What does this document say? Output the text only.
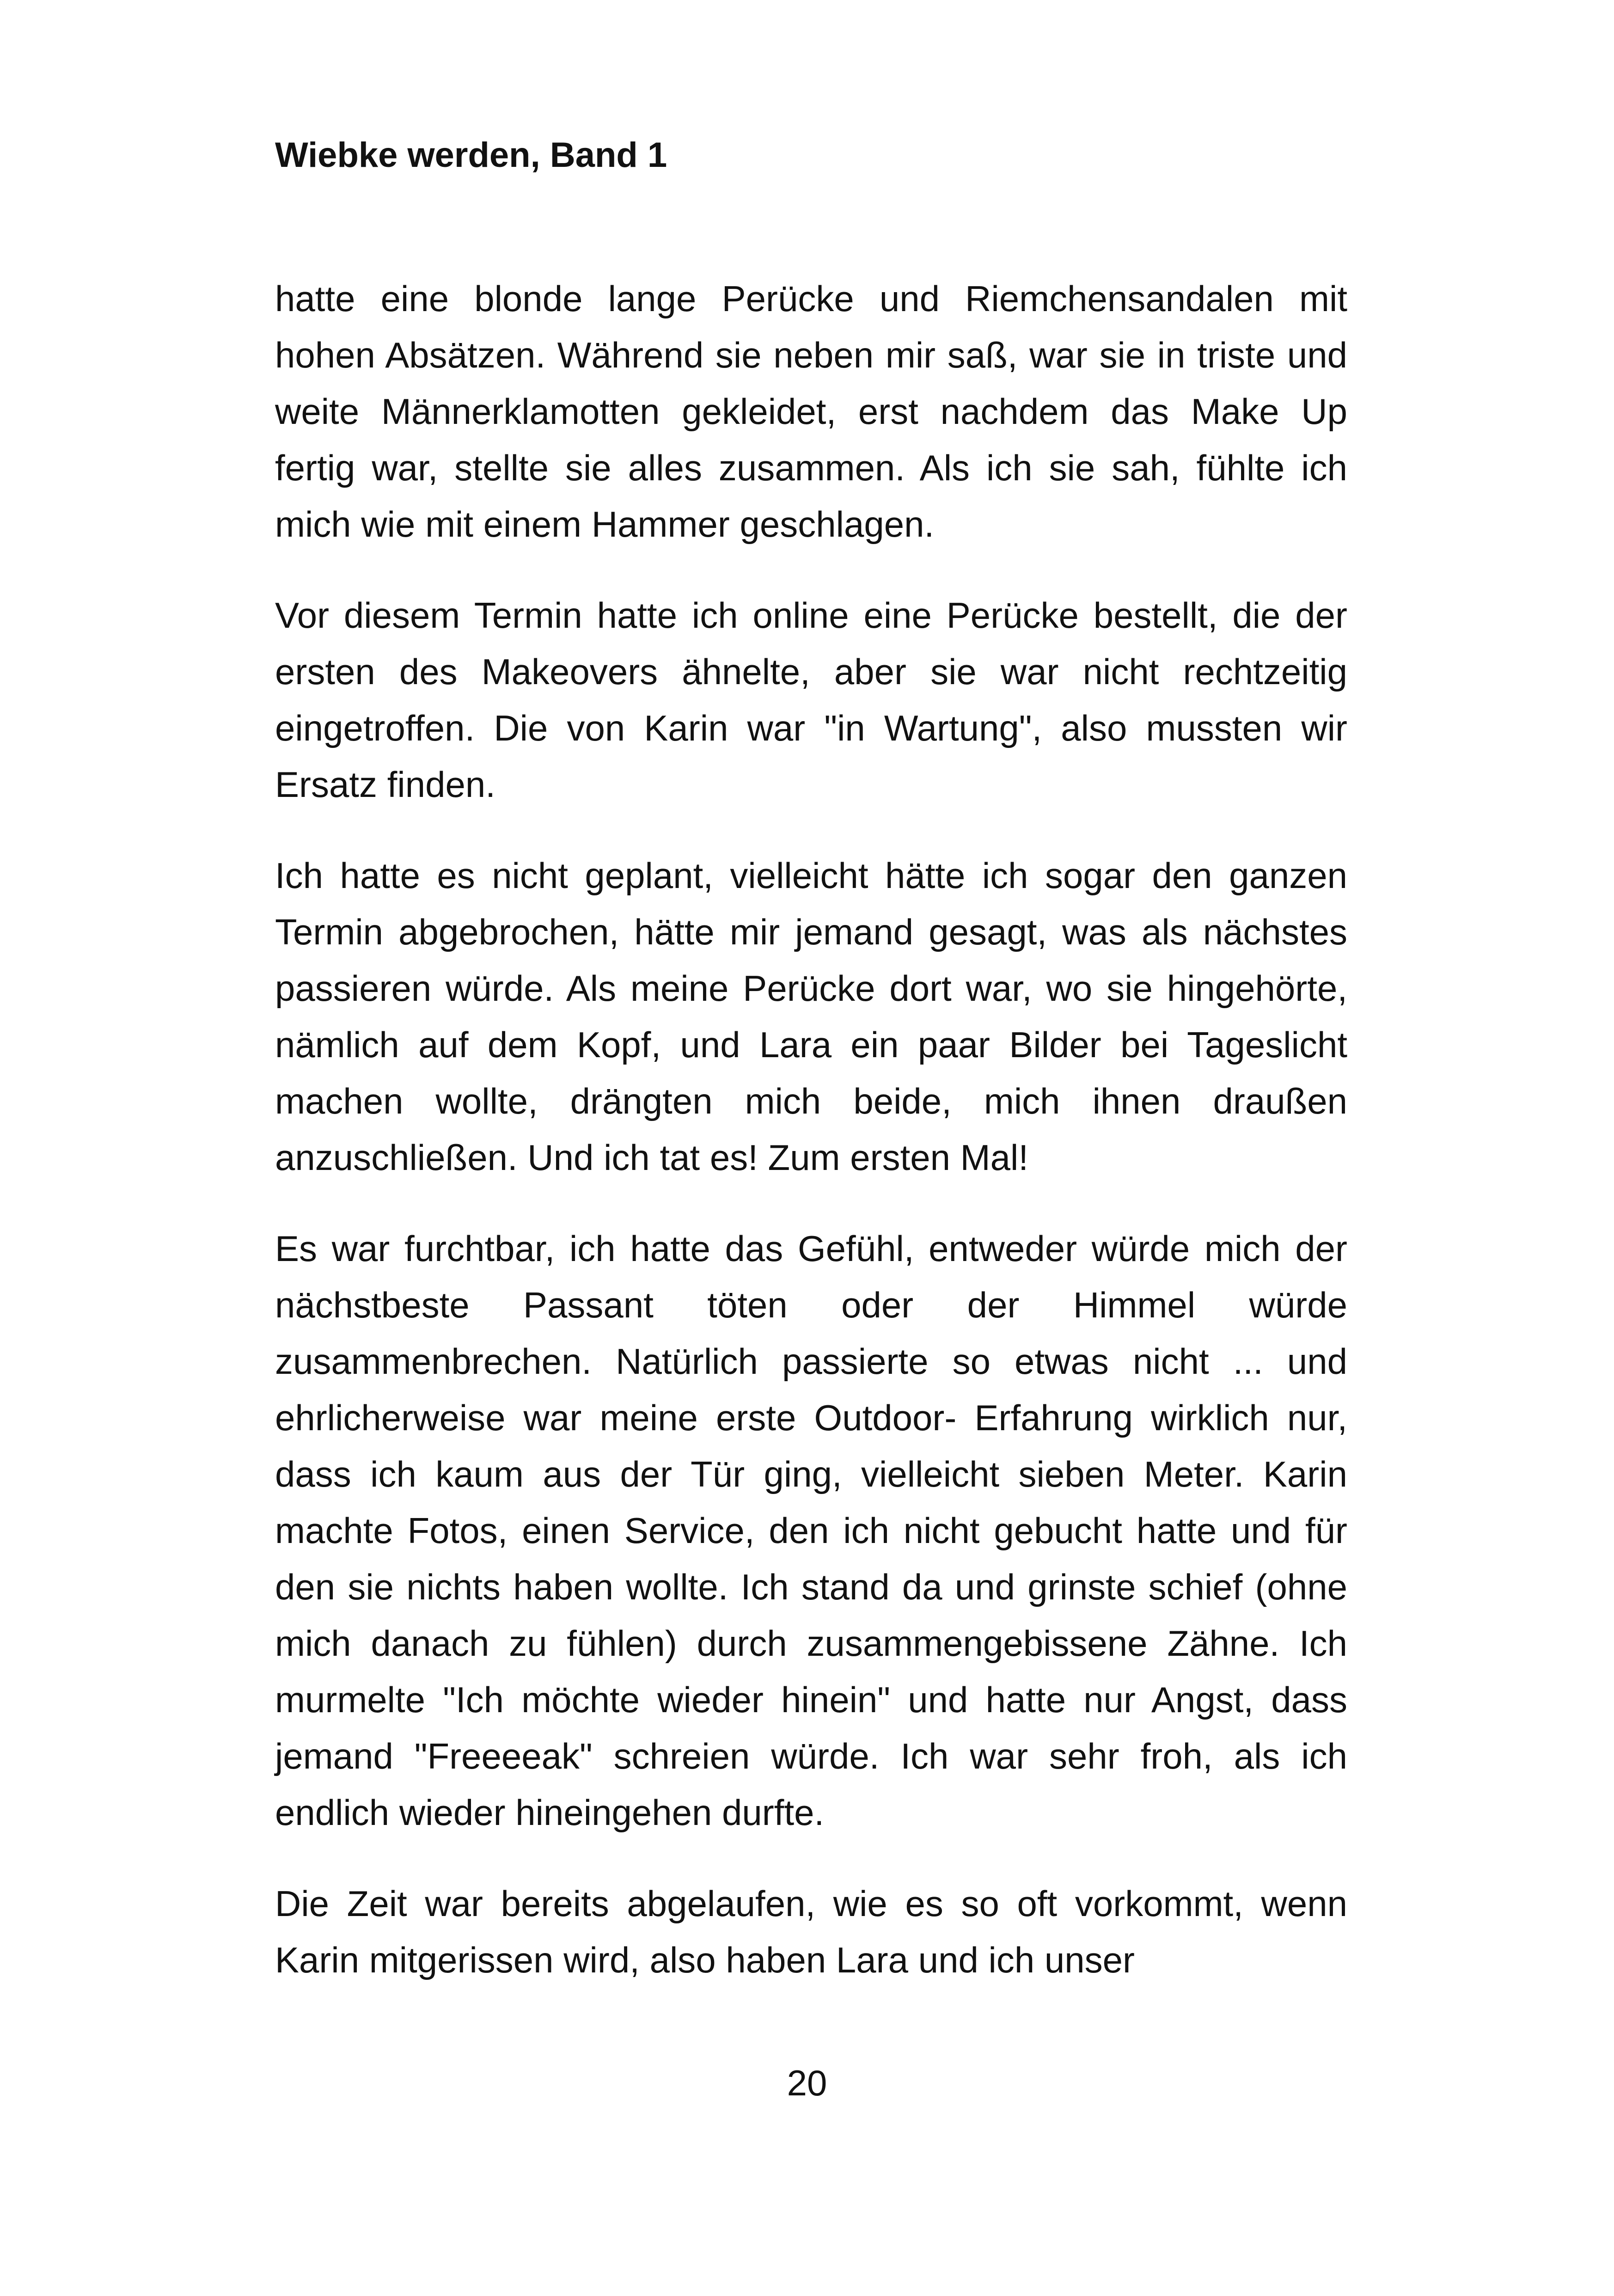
Wiebke werden, Band 1

hatte eine blonde lange Perücke und Riemchensandalen mit hohen Absätzen. Während sie neben mir saß, war sie in triste und weite Männerklamotten gekleidet, erst nachdem das Make Up fertig war, stellte sie alles zusammen. Als ich sie sah, fühlte ich mich wie mit einem Hammer geschlagen.

Vor diesem Termin hatte ich online eine Perücke bestellt, die der ersten des Makeovers ähnelte, aber sie war nicht rechtzeitig eingetroffen. Die von Karin war "in Wartung", also mussten wir Ersatz finden.

Ich hatte es nicht geplant, vielleicht hätte ich sogar den ganzen Termin abgebrochen, hätte mir jemand gesagt, was als nächstes passieren würde. Als meine Perücke dort war, wo sie hingehörte, nämlich auf dem Kopf, und Lara ein paar Bilder bei Tageslicht machen wollte, drängten mich beide, mich ihnen draußen anzuschließen. Und ich tat es! Zum ersten Mal!

Es war furchtbar, ich hatte das Gefühl, entweder würde mich der nächstbeste Passant töten oder der Himmel würde zusammenbrechen. Natürlich passierte so etwas nicht ... und ehrlicherweise war meine erste Outdoor- Erfahrung wirklich nur, dass ich kaum aus der Tür ging, vielleicht sieben Meter. Karin machte Fotos, einen Service, den ich nicht gebucht hatte und für den sie nichts haben wollte. Ich stand da und grinste schief (ohne mich danach zu fühlen) durch zusammengebissene Zähne. Ich murmelte "Ich möchte wieder hinein" und hatte nur Angst, dass jemand "Freeeeak" schreien würde. Ich war sehr froh, als ich endlich wieder hineingehen durfte.

Die Zeit war bereits abgelaufen, wie es so oft vorkommt, wenn Karin mitgerissen wird, also haben Lara und ich unser

20
